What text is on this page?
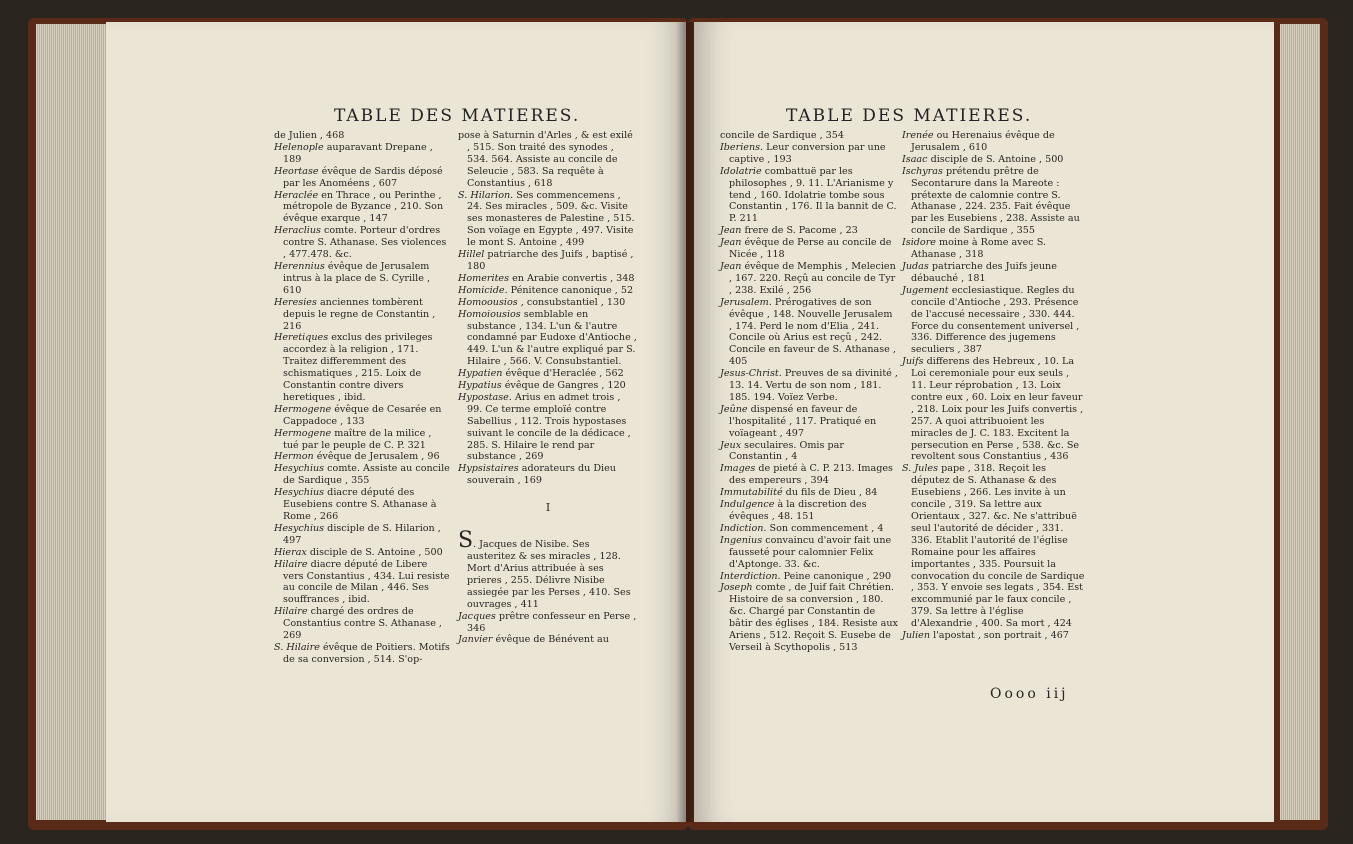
TABLE DES MATIERES.

de Julien , 468

Helenople auparavant Drepane , 189

Heortase évêque de Sardis déposé par les Anoméens , 607

Heraclée en Thrace , ou Perinthe , métropole de Byzance , 210. Son évêque exarque , 147

Heraclius comte. Porteur d'ordres contre S. Athanase. Ses violences , 477.478. &c.

Herennius évêque de Jerusalem intrus à la place de S. Cyrille , 610

Heresies anciennes tombèrent depuis le regne de Constantin , 216

Heretiques exclus des privileges accordez à la religion , 171. Traitez differemment des schismatiques , 215. Loix de Constantin contre divers heretiques , ibid.

Hermogene évêque de Cesarée en Cappadoce , 133

Hermogene maître de la milice , tué par le peuple de C. P. 321

Hermon évêque de Jerusalem , 96

Hesychius comte. Assiste au concile de Sardique , 355

Hesychius diacre député des Eusebiens contre S. Athanase à Rome , 266

Hesychius disciple de S. Hilarion , 497

Hierax disciple de S. Antoine , 500

Hilaire diacre député de Libere vers Constantius , 434. Lui resiste au concile de Milan , 446. Ses souffrances , ibid.

Hilaire chargé des ordres de Constantius contre S. Athanase , 269

S. Hilaire évêque de Poitiers. Motifs de sa conversion , 514. S'op-

pose à Saturnin d'Arles , & est exilé , 515. Son traité des synodes , 534. 564. Assiste au concile de Seleucie , 583. Sa requête à Constantius , 618

S. Hilarion. Ses commencemens , 24. Ses miracles , 509. &c. Visite ses monasteres de Palestine , 515. Son voïage en Egypte , 497. Visite le mont S. Antoine , 499

Hillel patriarche des Juifs , baptisé , 180

Homerites en Arabie convertis , 348

Homicide. Pénitence canonique , 52

Homoousios , consubstantiel , 130

Homoiousios semblable en substance , 134. L'un & l'autre condamné par Eudoxe d'Antioche , 449. L'un & l'autre expliqué par S. Hilaire , 566. V. Consubstantiel.

Hypatien évêque d'Heraclée , 562

Hypatius évêque de Gangres , 120

Hypostase. Arius en admet trois , 99. Ce terme emploïé contre Sabellius , 112. Trois hypostases suivant le concile de la dédicace , 285. S. Hilaire le rend par substance , 269

Hypsistaires adorateurs du Dieu souverain , 169

I

S. Jacques de Nisibe. Ses austeritez & ses miracles , 128. Mort d'Arius attribuée à ses prieres , 255. Délivre Nisibe assiegée par les Perses , 410. Ses ouvrages , 411

Jacques prêtre confesseur en Perse , 346

Janvier évêque de Bénévent au

TABLE DES MATIERES.

concile de Sardique , 354

Iberiens. Leur conversion par une captive , 193

Idolatrie combattuë par les philosophes , 9. 11. L'Arianisme y tend , 160. Idolatrie tombe sous Constantin , 176. Il la bannit de C. P. 211

Jean frere de S. Pacome , 23

Jean évêque de Perse au concile de Nicée , 118

Jean évêque de Memphis , Melecien , 167. 220. Reçû au concile de Tyr , 238. Exilé , 256

Jerusalem. Prérogatives de son évêque , 148. Nouvelle Jerusalem , 174. Perd le nom d'Elia , 241. Concile où Arius est reçû , 242. Concile en faveur de S. Athanase , 405

Jesus-Christ. Preuves de sa divinité , 13. 14. Vertu de son nom , 181. 185. 194. Voïez Verbe.

Jeûne dispensé en faveur de l'hospitalité , 117. Pratiqué en voïageant , 497

Jeux seculaires. Omis par Constantin , 4

Images de pieté à C. P. 213. Images des empereurs , 394

Immutabilité du fils de Dieu , 84

Indulgence à la discretion des évêques , 48. 151

Indiction. Son commencement , 4

Ingenius convaincu d'avoir fait une fausseté pour calomnier Felix d'Aptonge. 33. &c.

Interdiction. Peine canonique , 290

Joseph comte , de Juif fait Chrétien. Histoire de sa conversion , 180. &c. Chargé par Constantin de bâtir des églises , 184. Resiste aux Ariens , 512. Reçoit S. Eusebe de Verseil à Scythopolis , 513

Irenée ou Herenaius évêque de Jerusalem , 610

Isaac disciple de S. Antoine , 500

Ischyras prétendu prêtre de Secontarure dans la Mareote : prétexte de calomnie contre S. Athanase , 224. 235. Fait évêque par les Eusebiens , 238. Assiste au concile de Sardique , 355

Isidore moine à Rome avec S. Athanase , 318

Judas patriarche des Juifs jeune débauché , 181

Jugement ecclesiastique. Regles du concile d'Antioche , 293. Présence de l'accusé necessaire , 330. 444. Force du consentement universel , 336. Difference des jugemens seculiers , 387

Juifs differens des Hebreux , 10. La Loi ceremoniale pour eux seuls , 11. Leur réprobation , 13. Loix contre eux , 60. Loix en leur faveur , 218. Loix pour les Juifs convertis , 257. A quoi attribuoient les miracles de J. C. 183. Excitent la persecution en Perse , 538. &c. Se revoltent sous Constantius , 436

S. Jules pape , 318. Reçoit les députez de S. Athanase & des Eusebiens , 266. Les invite à un concile , 319. Sa lettre aux Orientaux , 327. &c. Ne s'attribuë seul l'autorité de décider , 331. 336. Etablit l'autorité de l'église Romaine pour les affaires importantes , 335. Poursuit la convocation du concile de Sardique , 353. Y envoie ses legats , 354. Est excommunié par le faux concile , 379. Sa lettre à l'église d'Alexandrie , 400. Sa mort , 424

Julien l'apostat , son portrait , 467

Oooo iij
